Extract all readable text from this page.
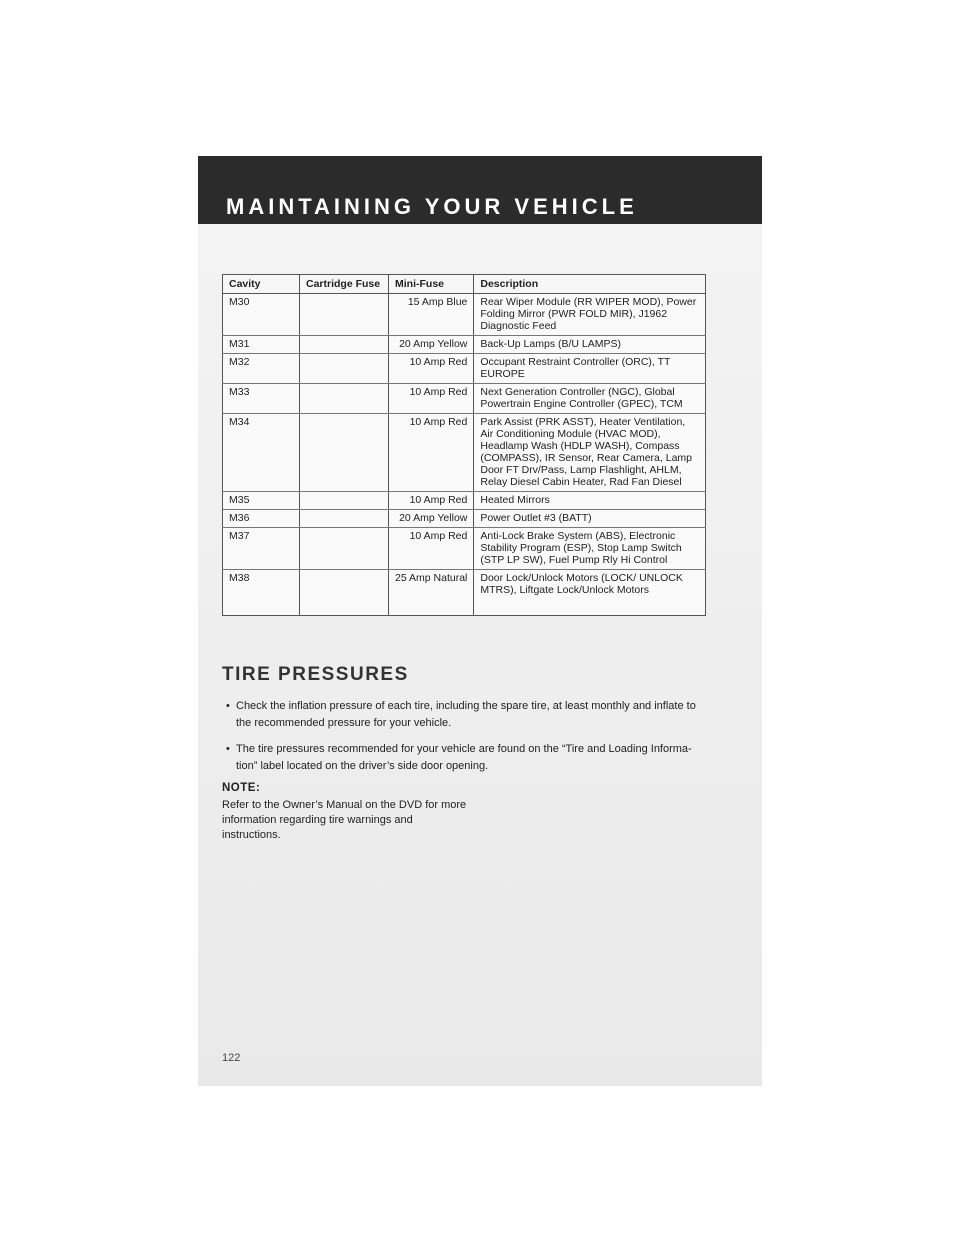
MAINTAINING YOUR VEHICLE
Cavity	Cartridge Fuse	Mini-Fuse	Description
M30		15 Amp Blue	Rear Wiper Module (RR WIPER MOD), Power Folding Mirror (PWR FOLD MIR), J1962 Diagnostic Feed
M31		20 Amp Yellow	Back-Up Lamps (B/U LAMPS)
M32		10 Amp Red	Occupant Restraint Controller (ORC), TT EUROPE
M33		10 Amp Red	Next Generation Controller (NGC), Global Powertrain Engine Controller (GPEC), TCM
M34		10 Amp Red	Park Assist (PRK ASST), Heater Ventilation, Air Conditioning Module (HVAC MOD), Headlamp Wash (HDLP WASH), Compass (COMPASS), IR Sensor, Rear Camera, Lamp Door FT Drv/Pass, Lamp Flashlight, AHLM, Relay Diesel Cabin Heater, Rad Fan Diesel
M35		10 Amp Red	Heated Mirrors
M36		20 Amp Yellow	Power Outlet #3 (BATT)
M37		10 Amp Red	Anti-Lock Brake System (ABS), Electronic Stability Program (ESP), Stop Lamp Switch (STP LP SW), Fuel Pump Rly Hi Control
M38		25 Amp Natural	Door Lock/Unlock Motors (LOCK/ UNLOCK MTRS), Liftgate Lock/Unlock Motors
TIRE PRESSURES
• Check the inflation pressure of each tire, including the spare tire, at least monthly and inflate to the recommended pressure for your vehicle.
• The tire pressures recommended for your vehicle are found on the “Tire and Loading Informa- tion” label located on the driver’s side door opening.
NOTE:
Refer to the Owner’s Manual on the DVD for more information regarding tire warnings and instructions.
122
